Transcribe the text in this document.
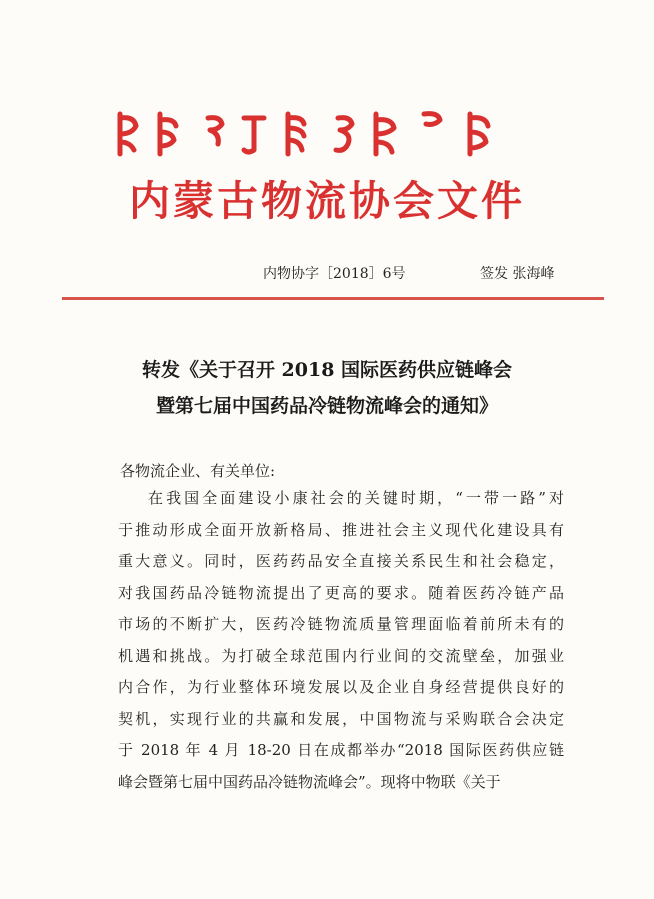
内蒙古物流协会文件
内物协字［2018］6号	签发 张海峰
转发《关于召开 2018 国际医药供应链峰会
暨第七届中国药品冷链物流峰会的通知》
各物流企业、有关单位:
在我国全面建设小康社会的关键时期，“一带一路”对
于推动形成全面开放新格局、推进社会主义现代化建设具有
重大意义。同时，医药药品安全直接关系民生和社会稳定，
对我国药品冷链物流提出了更高的要求。随着医药冷链产品
市场的不断扩大，医药冷链物流质量管理面临着前所未有的
机遇和挑战。为打破全球范围内行业间的交流壁垒，加强业
内合作，为行业整体环境发展以及企业自身经营提供良好的
契机，实现行业的共赢和发展，中国物流与采购联合会决定
于 2018 年 4 月 18-20 日在成都举办“2018 国际医药供应链
峰会暨第七届中国药品冷链物流峰会”。现将中物联《关于
